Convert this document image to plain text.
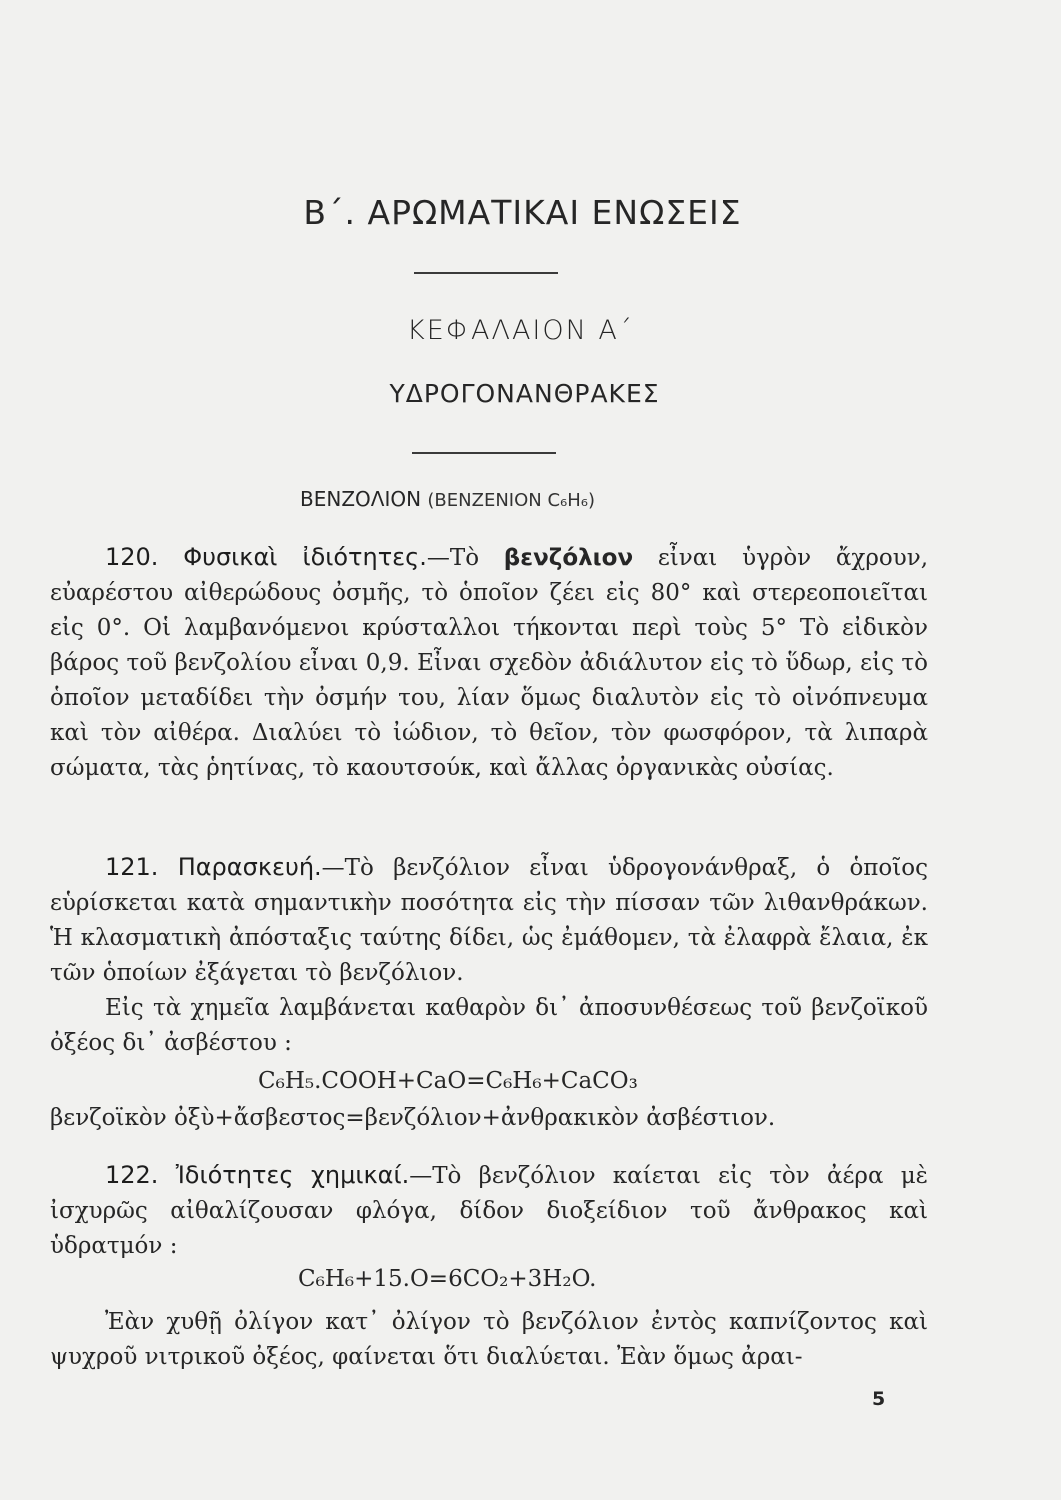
Β΄. ΑΡΩΜΑΤΙΚΑΙ ΕΝΩΣΕΙΣ
ΚΕΦΑΛΑΙΟΝ Α΄
ΥΔΡΟΓΟΝΑΝΘΡΑΚΕΣ
ΒΕΝΖΟΛΙΟΝ (ΒΕΝΖΕΝΙΟΝ C₆H₆)

120. Φυσικαὶ ἰδιότητες.—Τὸ βενζόλιον εἶναι ὑγρὸν ἄχρουν, εὐαρέστου αἰθερώδους ὀσμῆς, τὸ ὁποῖον ζέει εἰς 80° καὶ στερεοποιεῖται εἰς 0°. Οἱ λαμβανόμενοι κρύσταλλοι τήκονται περὶ τοὺς 5° Τὸ εἰδικὸν βάρος τοῦ βενζολίου εἶναι 0,9. Εἶναι σχεδὸν ἀδιάλυτον εἰς τὸ ὕδωρ, εἰς τὸ ὁποῖον μεταδίδει τὴν ὀσμήν του, λίαν ὅμως διαλυτὸν εἰς τὸ οἰνόπνευμα καὶ τὸν αἰθέρα. Διαλύει τὸ ἰώδιον, τὸ θεῖον, τὸν φωσφόρον, τὰ λιπαρὰ σώματα, τὰς ῥητίνας, τὸ καουτσούκ, καὶ ἄλλας ὀργανικὰς οὐσίας.

121. Παρασκευή.—Τὸ βενζόλιον εἶναι ὑδρογονάνθραξ, ὁ ὁποῖος εὑρίσκεται κατὰ σημαντικὴν ποσότητα εἰς τὴν πίσσαν τῶν λιθανθράκων. Ἡ κλασματικὴ ἀπόσταξις ταύτης δίδει, ὡς ἐμάθομεν, τὰ ἐλαφρὰ ἔλαια, ἐκ τῶν ὁποίων ἐξάγεται τὸ βενζόλιον.

Εἰς τὰ χημεῖα λαμβάνεται καθαρὸν δι᾽ ἀποσυνθέσεως τοῦ βενζοϊκοῦ ὀξέος δι᾽ ἀσβέστου :

C₆H₅.COOH+CaO=C₆H₆+CaCO₃
βενζοϊκὸν ὀξὺ+ἄσβεστος=βενζόλιον+ἀνθρακικὸν ἀσβέστιον.

122. Ἰδιότητες χημικαί.—Τὸ βενζόλιον καίεται εἰς τὸν ἀέρα μὲ ἰσχυρῶς αἰθαλίζουσαν φλόγα, δίδον διοξείδιον τοῦ ἄνθρακος καὶ ὑδρατμόν :

C₆H₆+15.O=6CO₂+3H₂O.

Ἐὰν χυθῇ ὀλίγον κατ᾽ ὀλίγον τὸ βενζόλιον ἐντὸς καπνίζοντος καὶ ψυχροῦ νιτρικοῦ ὀξέος, φαίνεται ὅτι διαλύεται. Ἐὰν ὅμως ἀραι-

5
